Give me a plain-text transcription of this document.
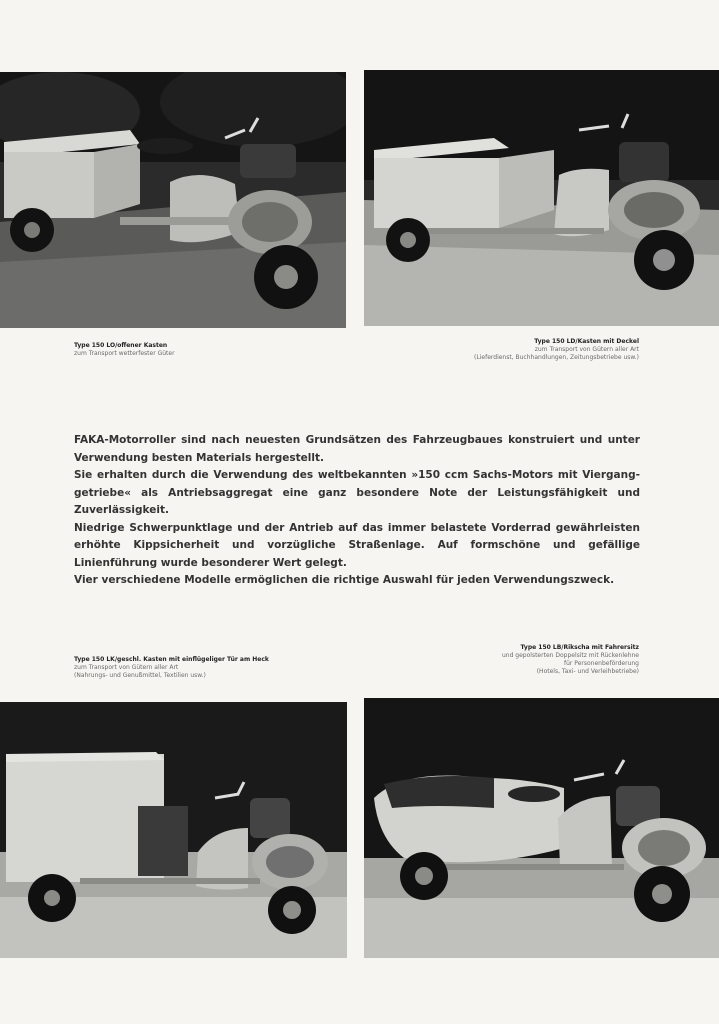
Type 150 LO/offener Kasten
zum Transport wetterfester Güter
Type 150 LD/Kasten mit Deckel
zum Transport von Gütern aller Art
(Lieferdienst, Buchhandlungen, Zeitungsbetriebe usw.)

FAKA-Motorroller sind nach neuesten Grundsätzen des Fahrzeugbaues konstruiert und unter Verwendung besten Materials hergestellt.

Sie erhalten durch die Verwendung des weltbekannten »150 ccm Sachs-Motors mit Viergang-getriebe« als Antriebsaggregat eine ganz besondere Note der Leistungsfähigkeit und Zuverlässigkeit.

Niedrige Schwerpunktlage und der Antrieb auf das immer belastete Vorderrad gewährleisten erhöhte Kippsicherheit und vorzügliche Straßenlage. Auf formschöne und gefällige Linienführung wurde besonderer Wert gelegt.

Vier verschiedene Modelle ermöglichen die richtige Auswahl für jeden Verwendungszweck.

Type 150 LK/geschl. Kasten mit einflügeliger Tür am Heck
zum Transport von Gütern aller Art
(Nahrungs- und Genußmittel, Textilien usw.)
Type 150 LB/Rikscha mit Fahrersitz
und gepolsterten Doppelsitz mit Rückenlehne
für Personenbeförderung
(Hotels, Taxi- und Verleihbetriebe)
